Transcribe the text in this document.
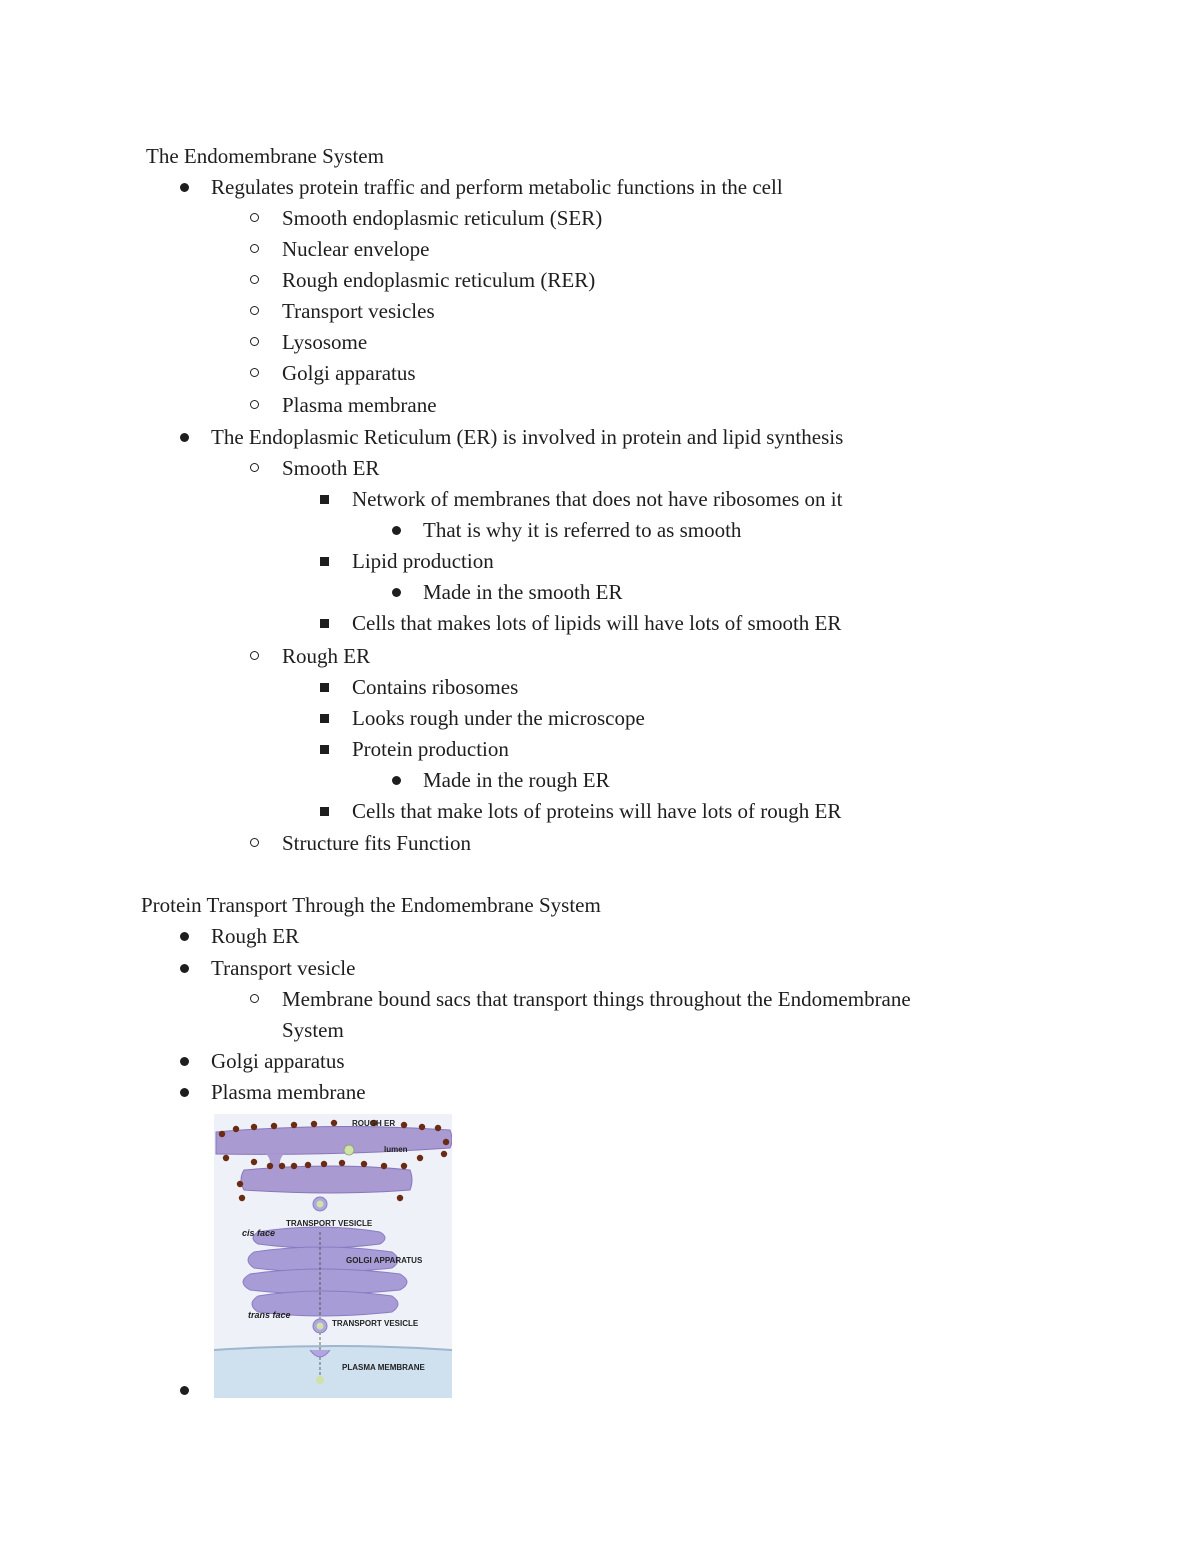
The Endomembrane System
Regulates protein traffic and perform metabolic functions in the cell
Smooth endoplasmic reticulum (SER)
Nuclear envelope
Rough endoplasmic reticulum (RER)
Transport vesicles
Lysosome
Golgi apparatus
Plasma membrane
The Endoplasmic Reticulum (ER) is involved in protein and lipid synthesis
Smooth ER
Network of membranes that does not have ribosomes on it
That is why it is referred to as smooth
Lipid production
Made in the smooth ER
Cells that makes lots of lipids will have lots of smooth ER
Rough ER
Contains ribosomes
Looks rough under the microscope
Protein production
Made in the rough ER
Cells that make lots of proteins will have lots of rough ER
Structure fits Function
Protein Transport Through the Endomembrane System
Rough ER
Transport vesicle
Membrane bound sacs that transport things throughout the Endomembrane
System
Golgi apparatus
Plasma membrane
ROUGH ER
lumen
TRANSPORT VESICLE
cis face
GOLGI APPARATUS
trans face
TRANSPORT VESICLE
PLASMA MEMBRANE
